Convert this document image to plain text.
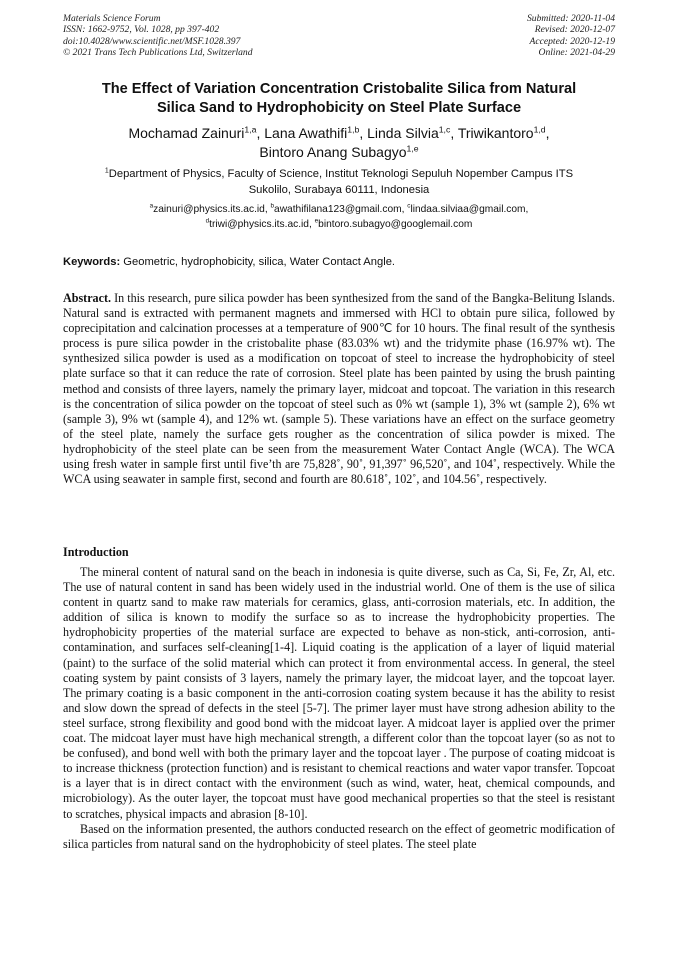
Materials Science Forum
ISSN: 1662-9752, Vol. 1028, pp 397-402
doi:10.4028/www.scientific.net/MSF.1028.397
© 2021 Trans Tech Publications Ltd, Switzerland
Submitted: 2020-11-04
Revised: 2020-12-07
Accepted: 2020-12-19
Online: 2021-04-29
The Effect of Variation Concentration Cristobalite Silica from Natural
Silica Sand to Hydrophobicity on Steel Plate Surface
Mochamad Zainuri$^{1,a}$, Lana Awathifi$^{1,b}$, Linda Silvia$^{1,c}$, Triwikantoro$^{1,d}$,
Bintoro Anang Subagyo$^{1,e}$
$^1$Department of Physics, Faculty of Science, Institut Teknologi Sepuluh Nopember Campus ITS
Sukolilo, Surabaya 60111, Indonesia
$^a$zainuri@physics.its.ac.id, $^b$awathifilana123@gmail.com, $^c$lindaa.silviaa@gmail.com,
$^d$triwi@physics.its.ac.id, $^e$bintoro.subagyo@googlemail.com
Keywords: Geometric, hydrophobicity, silica, Water Contact Angle.
Abstract. In this research, pure silica powder has been synthesized from the sand of the Bangka-Belitung Islands. Natural sand is extracted with permanent magnets and immersed with HCl to obtain pure silica, followed by coprecipitation and calcination processes at a temperature of 900℃ for 10 hours. The final result of the synthesis process is pure silica powder in the cristobalite phase (83.03% wt) and the tridymite phase (16.97% wt). The synthesized silica powder is used as a modification on topcoat of steel to increase the hydrophobicity of steel plate surface so that it can reduce the rate of corrosion. Steel plate has been painted by using the brush painting method and consists of three layers, namely the primary layer, midcoat and topcoat. The variation in this research is the concentration of silica powder on the topcoat of steel such as 0% wt (sample 1), 3% wt (sample 2), 6% wt (sample 3), 9% wt (sample 4), and 12% wt. (sample 5). These variations have an effect on the surface geometry of the steel plate, namely the surface gets rougher as the concentration of silica powder is mixed. The hydrophobicity of the steel plate can be seen from the measurement Water Contact Angle (WCA). The WCA using fresh water in sample first until five’th are 75,828˚, 90˚, 91,397˚ 96,520˚, and 104˚, respectively. While the WCA using seawater in sample first, second and fourth are 80.618˚, 102˚, and 104.56˚, respectively.
Introduction

The mineral content of natural sand on the beach in indonesia is quite diverse, such as Ca, Si, Fe, Zr, Al, etc. The use of natural content in sand has been widely used in the industrial world. One of them is the use of silica content in quartz sand to make raw materials for ceramics, glass, anti-corrosion materials, etc. In addition, the addition of silica is known to modify the surface so as to increase the hydrophobicity properties. The hydrophobicity properties of the material surface are expected to behave as non-stick, anti-corrosion, anti-contamination, and surfaces self-cleaning[1-4]. Liquid coating is the application of a layer of liquid material (paint) to the surface of the solid material which can protect it from environmental access. In general, the steel coating system by paint consists of 3 layers, namely the primary layer, the midcoat layer, and the topcoat layer. The primary coating is a basic component in the anti-corrosion coating system because it has the ability to resist and slow down the spread of defects in the steel [5-7]. The primer layer must have strong adhesion ability to the steel surface, strong flexibility and good bond with the midcoat layer. A midcoat layer is applied over the primer coat. The midcoat layer must have high mechanical strength, a different color than the topcoat layer (so as not to be confused), and bond well with both the primary layer and the topcoat layer . The purpose of coating midcoat is to increase thickness (protection function) and is resistant to chemical reactions and water vapor transfer. Topcoat is a layer that is in direct contact with the environment (such as wind, water, heat, chemical compounds, and microbiology). As the outer layer, the topcoat must have good mechanical properties so that the steel is resistant to scratches, physical impacts and abrasion [8-10].

Based on the information presented, the authors conducted research on the effect of geometric modification of silica particles from natural sand on the hydrophobicity of steel plates. The steel plate
